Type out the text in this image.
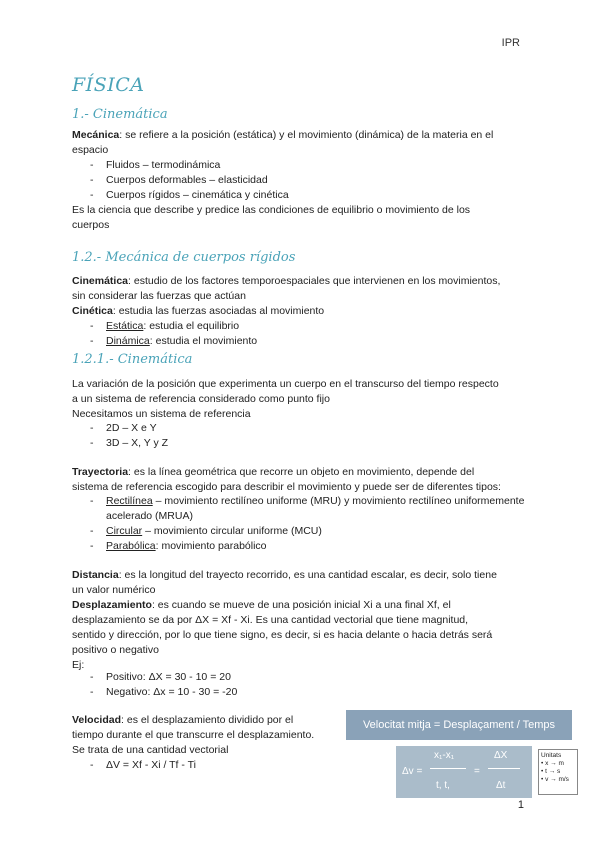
IPR
FÍSICA
1.- Cinemática
Mecánica: se refiere a la posición (estática) y el movimiento (dinámica) de la materia en el
espacio
- Fluidos – termodinámica
- Cuerpos deformables – elasticidad
- Cuerpos rígidos – cinemática y cinética
Es la ciencia que describe y predice las condiciones de equilibrio o movimiento de los
cuerpos
1.2.- Mecánica de cuerpos rígidos
Cinemática: estudio de los factores temporoespaciales que intervienen en los movimientos,
sin considerar las fuerzas que actúan
Cinética: estudia las fuerzas asociadas al movimiento
- Estática: estudia el equilibrio
- Dinámica: estudia el movimiento
1.2.1.- Cinemática
La variación de la posición que experimenta un cuerpo en el transcurso del tiempo respecto
a un sistema de referencia considerado como punto fijo
Necesitamos un sistema de referencia
- 2D – X e Y
- 3D – X, Y y Z
Trayectoria: es la línea geométrica que recorre un objeto en movimiento, depende del
sistema de referencia escogido para describir el movimiento y puede ser de diferentes tipos:
- Rectilínea – movimiento rectilíneo uniforme (MRU) y movimiento rectilíneo uniformemente acelerado (MRUA)
- Circular – movimiento circular uniforme (MCU)
- Parabólica: movimiento parabólico
Distancia: es la longitud del trayecto recorrido, es una cantidad escalar, es decir, solo tiene
un valor numérico
Desplazamiento: es cuando se mueve de una posición inicial Xi a una final Xf, el
desplazamiento se da por ΔX = Xf - Xi. Es una cantidad vectorial que tiene magnitud,
sentido y dirección, por lo que tiene signo, es decir, si es hacia delante o hacia detrás será
positivo o negativo
Ej:
- Positivo: ΔX = 30 - 10 = 20
- Negativo: Δx = 10 - 30 = -20
Velocidad: es el desplazamiento dividido por el
tiempo durante el que transcurre el desplazamiento.
Se trata de una cantidad vectorial
- ΔV = Xf - Xi / Tf - Ti
Velocitat mitja = Desplaçament / Temps
Δv =
x₁-x₁
t, t,
=
ΔX
Δt
Unitats
• x → m
• t → s
• v → m/s
1
